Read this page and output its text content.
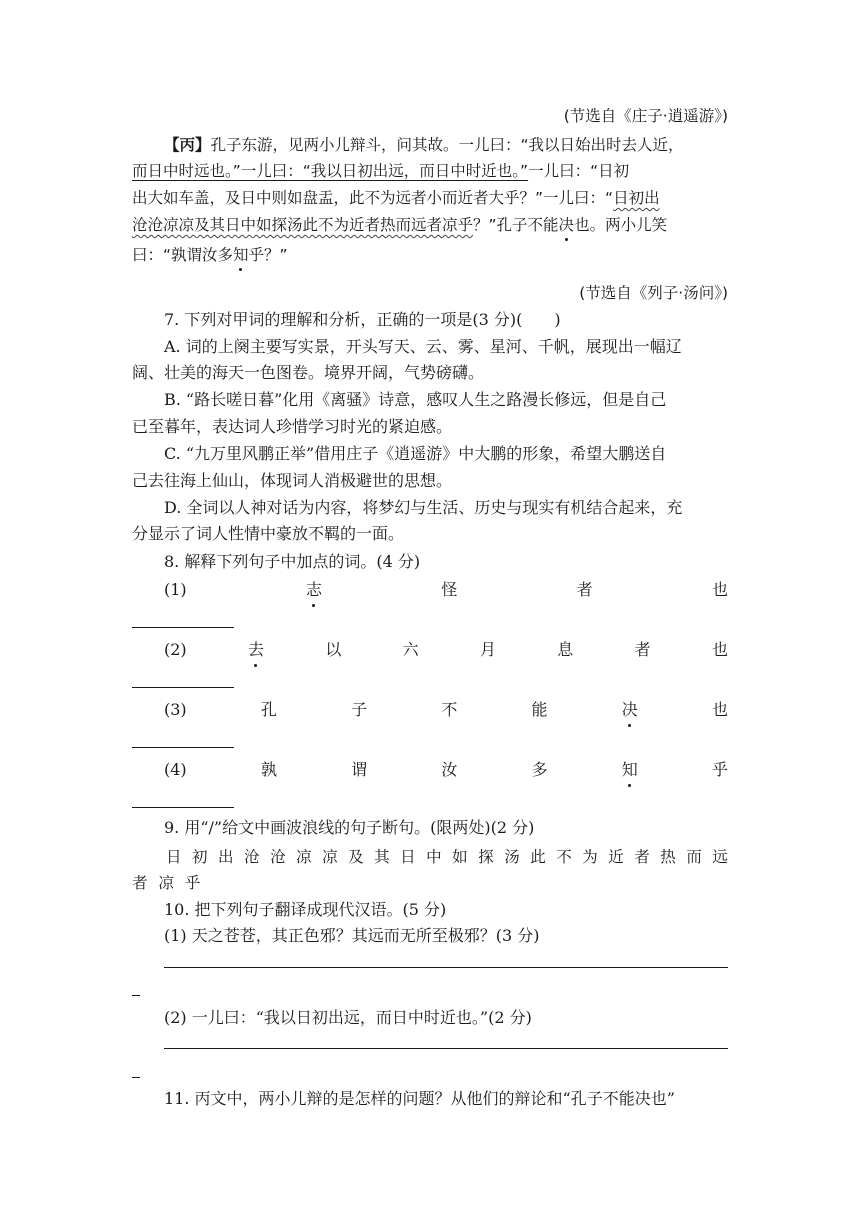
(节选自《庄子·逍遥游》)
【丙】孔子东游，见两小儿辩斗，问其故。一儿曰：“我以日始出时去人近，
而日中时远也。”一儿曰：“我以日初出远，而日中时近也。”一儿曰：“日初
出大如车盖，及日中则如盘盂，此不为远者小而近者大乎？”一儿曰：“日初出
沧沧凉凉及其日中如探汤此不为近者热而远者凉乎？”孔子不能决也。两小儿笑
曰：“孰谓汝多知乎？”
(节选自《列子·汤问》)
7. 下列对甲词的理解和分析，正确的一项是(3 分)(　　)
A. 词的上阕主要写实景，开头写天、云、雾、星河、千帆，展现出一幅辽
阔、壮美的海天一色图卷。境界开阔，气势磅礴。
B. “路长嗟日暮”化用《离骚》诗意，感叹人生之路漫长修远，但是自己
已至暮年，表达词人珍惜学习时光的紧迫感。
C. “九万里风鹏正举”借用庄子《逍遥游》中大鹏的形象，希望大鹏送自
己去往海上仙山，体现词人消极避世的思想。
D. 全词以人神对话为内容，将梦幻与生活、历史与现实有机结合起来，充
分显示了词人性情中豪放不羁的一面。
8. 解释下列句子中加点的词。(4 分)
(1)	志	怪	者	也
(2)	去	以	六	月	息	者	也
(3)	孔	子	不	能	决	也
(4)	孰	谓	汝	多	知	乎
9. 用“/”给文中画波浪线的句子断句。(限两处)(2 分)
日 初 出 沧 沧 凉 凉 及 其 日 中 如 探 汤 此 不 为 近 者 热 而 远
者 凉 乎
10. 把下列句子翻译成现代汉语。(5 分)
(1) 天之苍苍，其正色邪？其远而无所至极邪？(3 分)
(2) 一儿曰：“我以日初出远，而日中时近也。”(2 分)
11. 丙文中，两小儿辩的是怎样的问题？从他们的辩论和“孔子不能决也”
